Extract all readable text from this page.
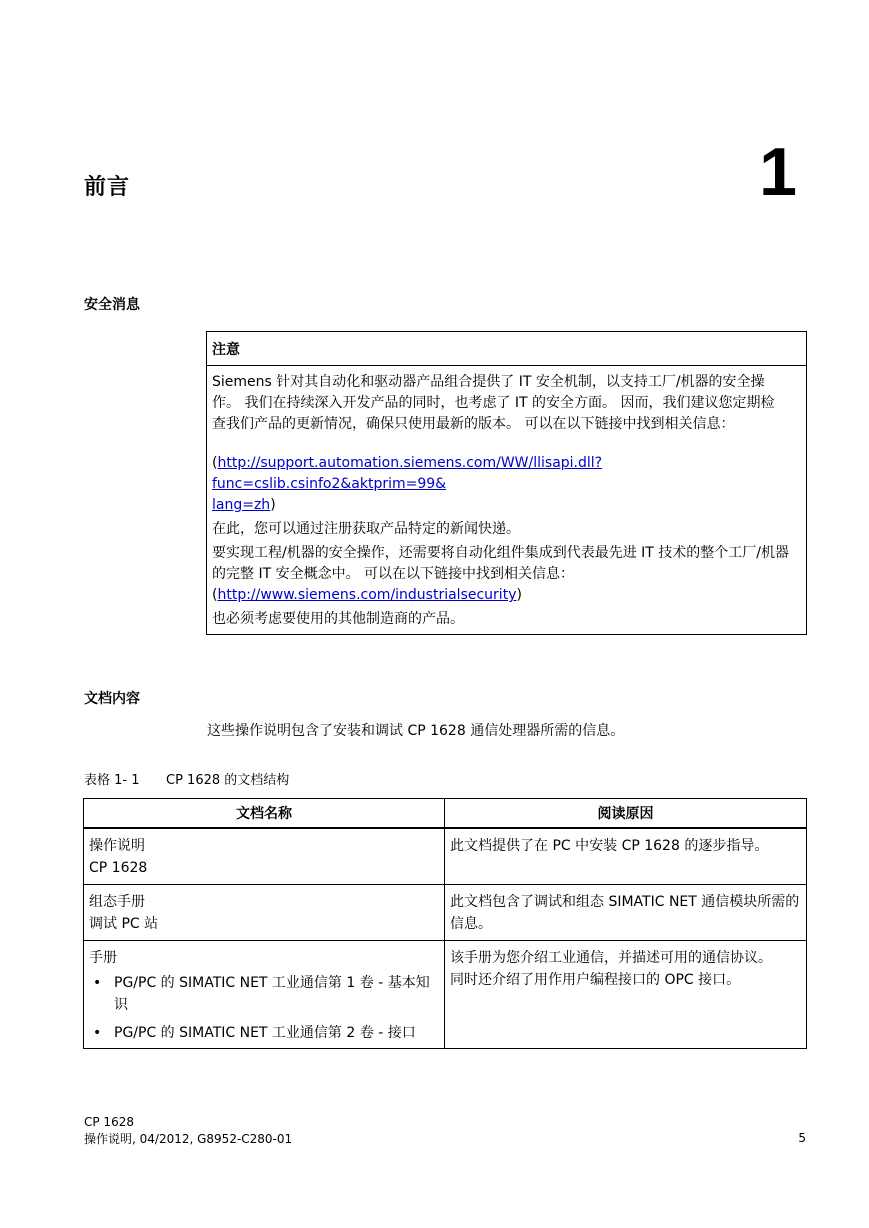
前言	1
安全消息
注意

Siemens 针对其自动化和驱动器产品组合提供了 IT 安全机制，以支持工厂/机器的安全操作。 我们在持续深入开发产品的同时，也考虑了 IT 的安全方面。 因而，我们建议您定期检查我们产品的更新情况，确保只使用最新的版本。 可以在以下链接中找到相关信息：

(http://support.automation.siemens.com/WW/llisapi.dll?func=cslib.csinfo2&aktprim=99&
lang=zh)

在此，您可以通过注册获取产品特定的新闻快递。

要实现工程/机器的安全操作，还需要将自动化组件集成到代表最先进 IT 技术的整个工厂/机器的完整 IT 安全概念中。 可以在以下链接中找到相关信息：

(http://www.siemens.com/industrialsecurity)

也必须考虑要使用的其他制造商的产品。

文档内容
这些操作说明包含了安装和调试 CP 1628 通信处理器所需的信息。
表格 1- 1 CP 1628 的文档结构
文档名称	阅读原因

操作说明
CP 1628	此文档提供了在 PC 中安装 CP 1628 的逐步指导。

组态手册
调试 PC 站	此文档包含了调试和组态 SIMATIC NET 通信模块所需的信息。

手册
• PG/PC 的 SIMATIC NET 工业通信第 1 卷 - 基本知识
• PG/PC 的 SIMATIC NET 工业通信第 2 卷 - 接口	该手册为您介绍工业通信，并描述可用的通信协议。 同时还介绍了用作用户编程接口的 OPC 接口。
CP 1628
操作说明, 04/2012, G8952-C280-01	5
